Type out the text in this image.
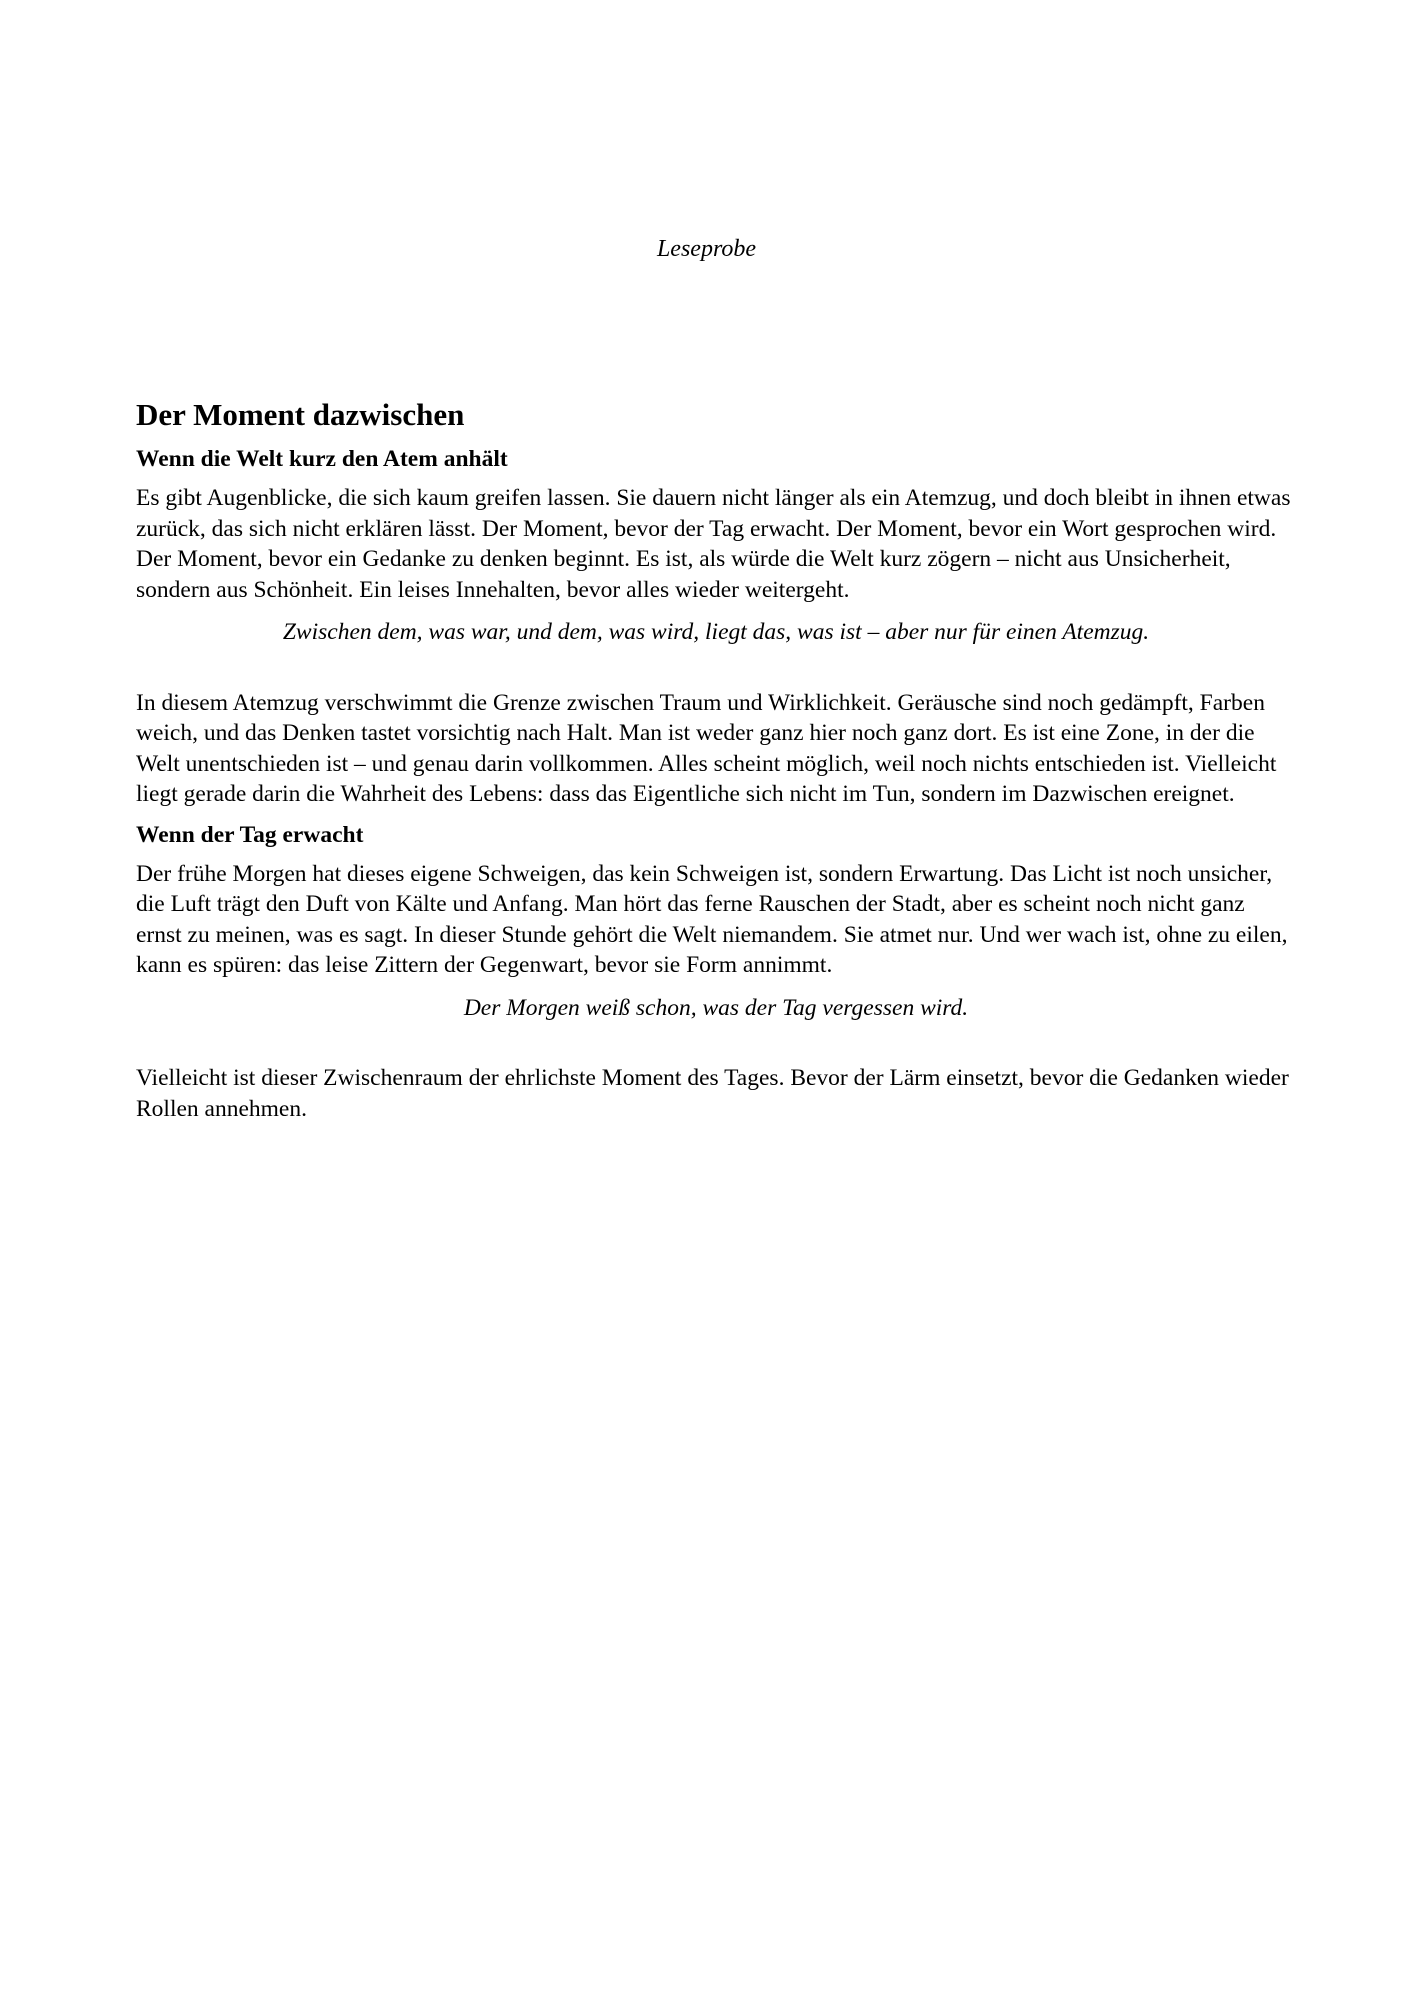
Leseprobe

Der Moment dazwischen
Wenn die Welt kurz den Atem anhält

Es gibt Augenblicke, die sich kaum greifen lassen. Sie dauern nicht länger als ein Atemzug, und doch bleibt in ihnen etwas zurück, das sich nicht erklären lässt. Der Moment, bevor der Tag erwacht. Der Moment, bevor ein Wort gesprochen wird. Der Moment, bevor ein Gedanke zu denken beginnt. Es ist, als würde die Welt kurz zögern – nicht aus Unsicherheit, sondern aus Schönheit. Ein leises Innehalten, bevor alles wieder weitergeht.

Zwischen dem, was war, und dem, was wird, liegt das, was ist – aber nur für einen Atemzug.

In diesem Atemzug verschwimmt die Grenze zwischen Traum und Wirklichkeit. Geräusche sind noch gedämpft, Farben weich, und das Denken tastet vorsichtig nach Halt. Man ist weder ganz hier noch ganz dort. Es ist eine Zone, in der die Welt unentschieden ist – und genau darin vollkommen. Alles scheint möglich, weil noch nichts entschieden ist. Vielleicht liegt gerade darin die Wahrheit des Lebens: dass das Eigentliche sich nicht im Tun, sondern im Dazwischen ereignet.

Wenn der Tag erwacht

Der frühe Morgen hat dieses eigene Schweigen, das kein Schweigen ist, sondern Erwartung. Das Licht ist noch unsicher, die Luft trägt den Duft von Kälte und Anfang. Man hört das ferne Rauschen der Stadt, aber es scheint noch nicht ganz ernst zu meinen, was es sagt. In dieser Stunde gehört die Welt niemandem. Sie atmet nur. Und wer wach ist, ohne zu eilen, kann es spüren: das leise Zittern der Gegenwart, bevor sie Form annimmt.

Der Morgen weiß schon, was der Tag vergessen wird.

Vielleicht ist dieser Zwischenraum der ehrlichste Moment des Tages. Bevor der Lärm einsetzt, bevor die Gedanken wieder Rollen annehmen.
